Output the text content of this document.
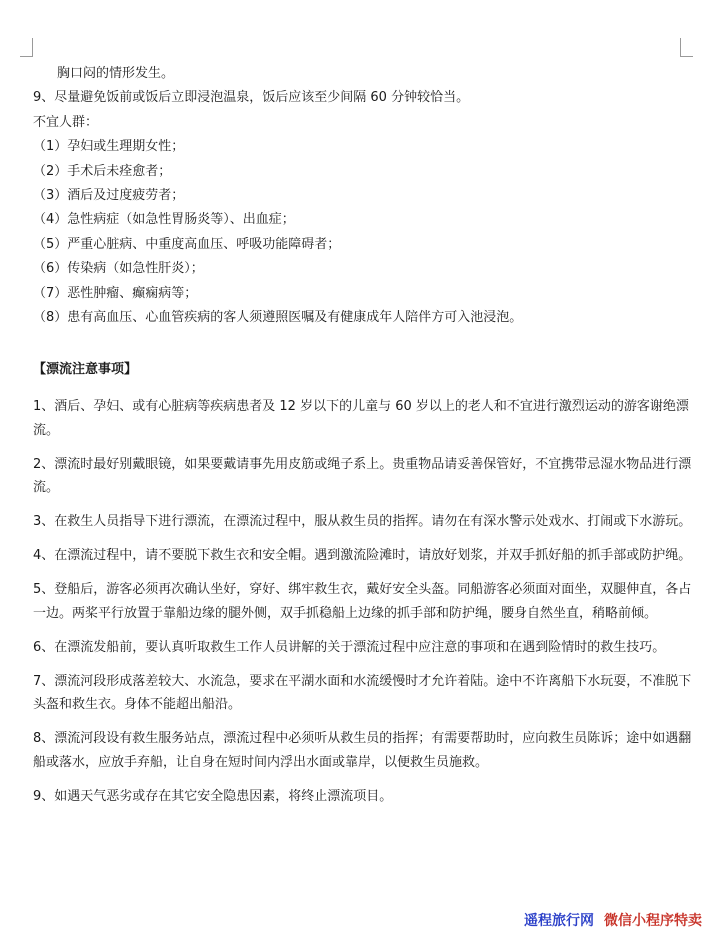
胸口闷的情形发生。

9、尽量避免饭前或饭后立即浸泡温泉，饭后应该至少间隔 60 分钟较恰当。

不宜人群：

（1）孕妇或生理期女性；

（2）手术后未痊愈者；

（3）酒后及过度疲劳者；

（4）急性病症（如急性胃肠炎等）、出血症；

（5）严重心脏病、中重度高血压、呼吸功能障碍者；

（6）传染病（如急性肝炎）；

（7）恶性肿瘤、癫痫病等；

（8）患有高血压、心血管疾病的客人须遵照医嘱及有健康成年人陪伴方可入池浸泡。

【漂流注意事项】
1、酒后、孕妇、或有心脏病等疾病患者及 12 岁以下的儿童与 60 岁以上的老人和不宜进行激烈运动的游客谢绝漂流。
2、漂流时最好别戴眼镜，如果要戴请事先用皮筋或绳子系上。贵重物品请妥善保管好，不宜携带忌湿水物品进行漂流。
3、在救生人员指导下进行漂流，在漂流过程中，服从救生员的指挥。请勿在有深水警示处戏水、打闹或下水游玩。
4、在漂流过程中，请不要脱下救生衣和安全帽。遇到激流险滩时，请放好划浆，并双手抓好船的抓手部或防护绳。
5、登船后，游客必须再次确认坐好，穿好、绑牢救生衣，戴好安全头盔。同船游客必须面对面坐，双腿伸直，各占一边。两桨平行放置于靠船边缘的腿外侧，双手抓稳船上边缘的抓手部和防护绳，腰身自然坐直，稍略前倾。
6、在漂流发船前，要认真听取救生工作人员讲解的关于漂流过程中应注意的事项和在遇到险情时的救生技巧。
7、漂流河段形成落差较大、水流急，要求在平湖水面和水流缓慢时才允许着陆。途中不许离船下水玩耍，不准脱下头盔和救生衣。身体不能超出船沿。
8、漂流河段设有救生服务站点，漂流过程中必须听从救生员的指挥；有需要帮助时，应向救生员陈诉；途中如遇翻船或落水，应放手弃船，让自身在短时间内浮出水面或靠岸，以便救生员施救。
9、如遇天气恶劣或存在其它安全隐患因素，将终止漂流项目。
遥程旅行网 微信小程序特卖
